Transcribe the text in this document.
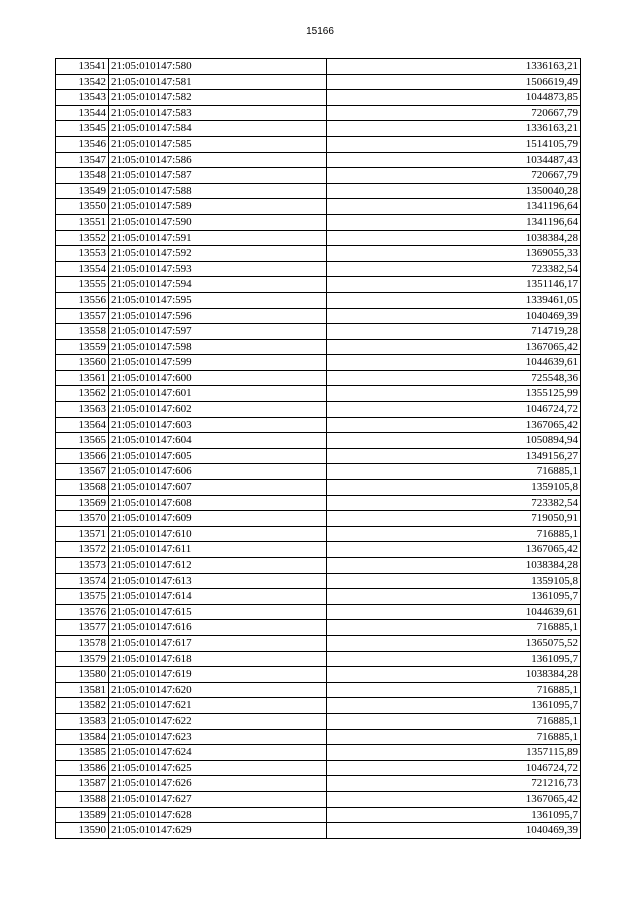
15166
13541	21:05:010147:580	1336163,21
13542	21:05:010147:581	1506619,49
13543	21:05:010147:582	1044873,85
13544	21:05:010147:583	720667,79
13545	21:05:010147:584	1336163,21
13546	21:05:010147:585	1514105,79
13547	21:05:010147:586	1034487,43
13548	21:05:010147:587	720667,79
13549	21:05:010147:588	1350040,28
13550	21:05:010147:589	1341196,64
13551	21:05:010147:590	1341196,64
13552	21:05:010147:591	1038384,28
13553	21:05:010147:592	1369055,33
13554	21:05:010147:593	723382,54
13555	21:05:010147:594	1351146,17
13556	21:05:010147:595	1339461,05
13557	21:05:010147:596	1040469,39
13558	21:05:010147:597	714719,28
13559	21:05:010147:598	1367065,42
13560	21:05:010147:599	1044639,61
13561	21:05:010147:600	725548,36
13562	21:05:010147:601	1355125,99
13563	21:05:010147:602	1046724,72
13564	21:05:010147:603	1367065,42
13565	21:05:010147:604	1050894,94
13566	21:05:010147:605	1349156,27
13567	21:05:010147:606	716885,1
13568	21:05:010147:607	1359105,8
13569	21:05:010147:608	723382,54
13570	21:05:010147:609	719050,91
13571	21:05:010147:610	716885,1
13572	21:05:010147:611	1367065,42
13573	21:05:010147:612	1038384,28
13574	21:05:010147:613	1359105,8
13575	21:05:010147:614	1361095,7
13576	21:05:010147:615	1044639,61
13577	21:05:010147:616	716885,1
13578	21:05:010147:617	1365075,52
13579	21:05:010147:618	1361095,7
13580	21:05:010147:619	1038384,28
13581	21:05:010147:620	716885,1
13582	21:05:010147:621	1361095,7
13583	21:05:010147:622	716885,1
13584	21:05:010147:623	716885,1
13585	21:05:010147:624	1357115,89
13586	21:05:010147:625	1046724,72
13587	21:05:010147:626	721216,73
13588	21:05:010147:627	1367065,42
13589	21:05:010147:628	1361095,7
13590	21:05:010147:629	1040469,39
